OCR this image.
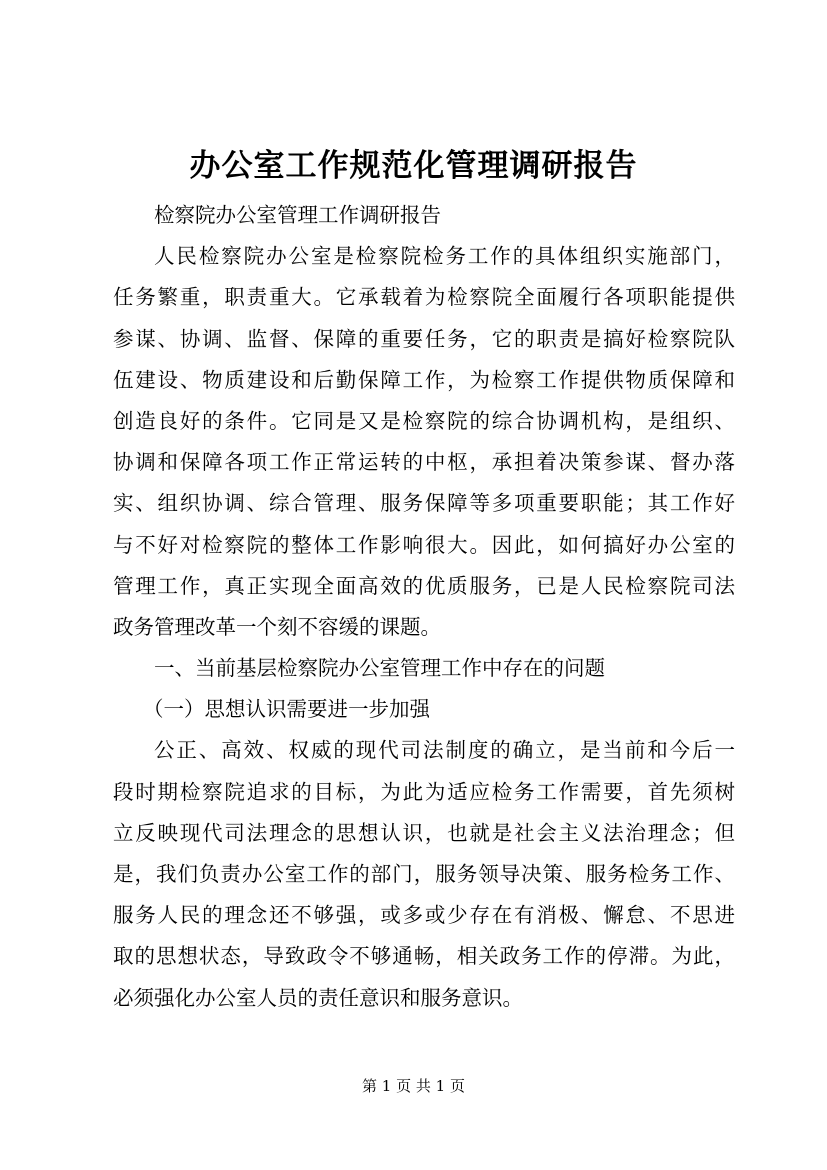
办公室工作规范化管理调研报告
检察院办公室管理工作调研报告
人民检察院办公室是检察院检务工作的具体组织实施部门，
任务繁重，职责重大。它承载着为检察院全面履行各项职能提供
参谋、协调、监督、保障的重要任务，它的职责是搞好检察院队
伍建设、物质建设和后勤保障工作，为检察工作提供物质保障和
创造良好的条件。它同是又是检察院的综合协调机构，是组织、
协调和保障各项工作正常运转的中枢，承担着决策参谋、督办落
实、组织协调、综合管理、服务保障等多项重要职能；其工作好
与不好对检察院的整体工作影响很大。因此，如何搞好办公室的
管理工作，真正实现全面高效的优质服务，已是人民检察院司法
政务管理改革一个刻不容缓的课题。
一、当前基层检察院办公室管理工作中存在的问题
（一）思想认识需要进一步加强
公正、高效、权威的现代司法制度的确立，是当前和今后一
段时期检察院追求的目标，为此为适应检务工作需要，首先须树
立反映现代司法理念的思想认识，也就是社会主义法治理念；但
是，我们负责办公室工作的部门，服务领导决策、服务检务工作、
服务人民的理念还不够强，或多或少存在有消极、懈怠、不思进
取的思想状态，导致政令不够通畅，相关政务工作的停滞。为此，
必须强化办公室人员的责任意识和服务意识。
第 1 页 共 1 页
